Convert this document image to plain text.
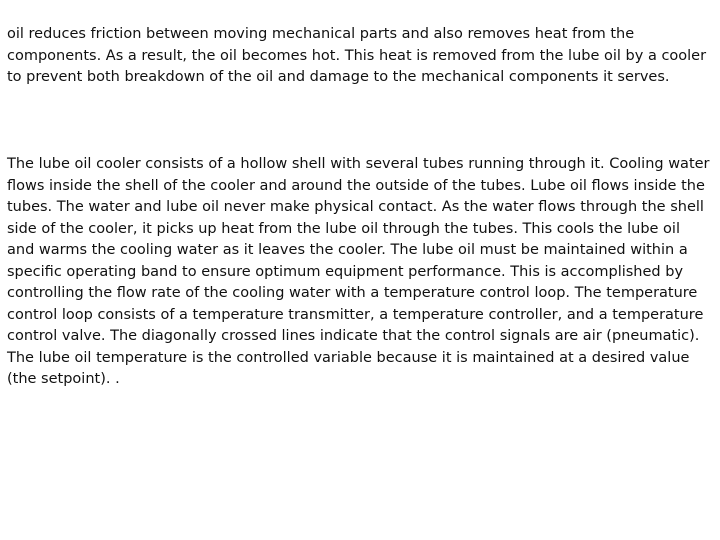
oil reduces friction between moving mechanical parts and also removes heat from the components. As a result, the oil becomes hot. This heat is removed from the lube oil by a cooler to prevent both breakdown of the oil and damage to the mechanical components it serves.

The lube oil cooler consists of a hollow shell with several tubes running through it. Cooling water flows inside the shell of the cooler and around the outside of the tubes. Lube oil flows inside the tubes. The water and lube oil never make physical contact. As the water flows through the shell side of the cooler, it picks up heat from the lube oil through the tubes. This cools the lube oil and warms the cooling water as it leaves the cooler. The lube oil must be maintained within a specific operating band to ensure optimum equipment performance. This is accomplished by controlling the flow rate of the cooling water with a temperature control loop. The temperature control loop consists of a temperature transmitter, a temperature controller, and a temperature control valve. The diagonally crossed lines indicate that the control signals are air (pneumatic). The lube oil temperature is the controlled variable because it is maintained at a desired value (the setpoint). .
